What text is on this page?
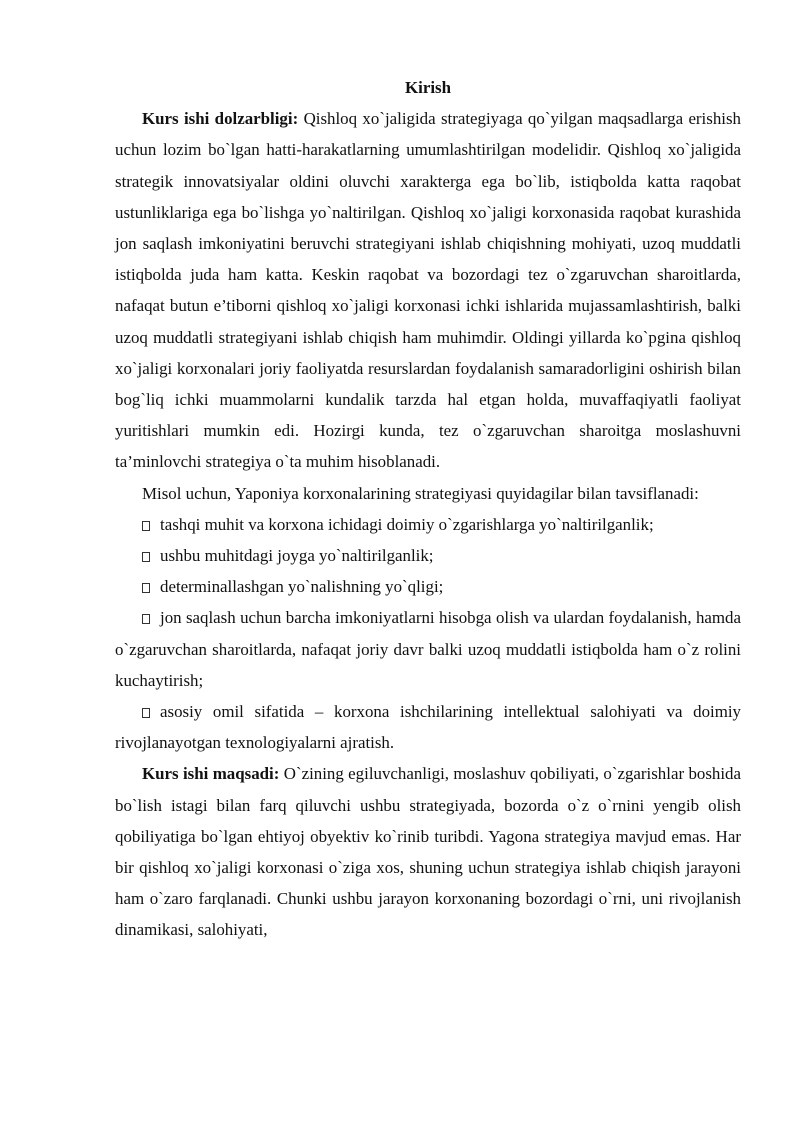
Kirish

Kurs ishi dolzarbligi: Qishloq xo`jaligida strategiyaga qo`yilgan maqsadlarga erishish uchun lozim bo`lgan hatti-harakatlarning umumlashtirilgan modelidir. Qishloq xo`jaligida strategik innovatsiyalar oldini oluvchi xarakterga ega bo`lib, istiqbolda katta raqobat ustunliklariga ega bo`lishga yo`naltirilgan. Qishloq xo`jaligi korxonasida raqobat kurashida jon saqlash imkoniyatini beruvchi strategiyani ishlab chiqishning mohiyati, uzoq muddatli istiqbolda juda ham katta. Keskin raqobat va bozordagi tez o`zgaruvchan sharoitlarda, nafaqat butun e’tiborni qishloq xo`jaligi korxonasi ichki ishlarida mujassamlashtirish, balki uzoq muddatli strategiyani ishlab chiqish ham muhimdir. Oldingi yillarda ko`pgina qishloq xo`jaligi korxonalari joriy faoliyatda resurslardan foydalanish samaradorligini oshirish bilan bog`liq ichki muammolarni kundalik tarzda hal etgan holda, muvaffaqiyatli faoliyat yuritishlari mumkin edi. Hozirgi kunda, tez o`zgaruvchan sharoitga moslashuvni ta’minlovchi strategiya o`ta muhim hisoblanadi.

Misol uchun, Yaponiya korxonalarining strategiyasi quyidagilar bilan tavsiflanadi:

tashqi muhit va korxona ichidagi doimiy o`zgarishlarga yo`naltirilganlik;

ushbu muhitdagi joyga yo`naltirilganlik;

determinallashgan yo`nalishning yo`qligi;

jon saqlash uchun barcha imkoniyatlarni hisobga olish va ulardan foydalanish, hamda o`zgaruvchan sharoitlarda, nafaqat joriy davr balki uzoq muddatli istiqbolda ham o`z rolini kuchaytirish;

asosiy omil sifatida – korxona ishchilarining intellektual salohiyati va doimiy rivojlanayotgan texnologiyalarni ajratish.

Kurs ishi maqsadi: O`zining egiluvchanligi, moslashuv qobiliyati, o`zgarishlar boshida bo`lish istagi bilan farq qiluvchi ushbu strategiyada, bozorda o`z o`rnini yengib olish qobiliyatiga bo`lgan ehtiyoj obyektiv ko`rinib turibdi. Yagona strategiya mavjud emas. Har bir qishloq xo`jaligi korxonasi o`ziga xos, shuning uchun strategiya ishlab chiqish jarayoni ham o`zaro farqlanadi. Chunki ushbu jarayon korxonaning bozordagi o`rni, uni rivojlanish dinamikasi, salohiyati,
